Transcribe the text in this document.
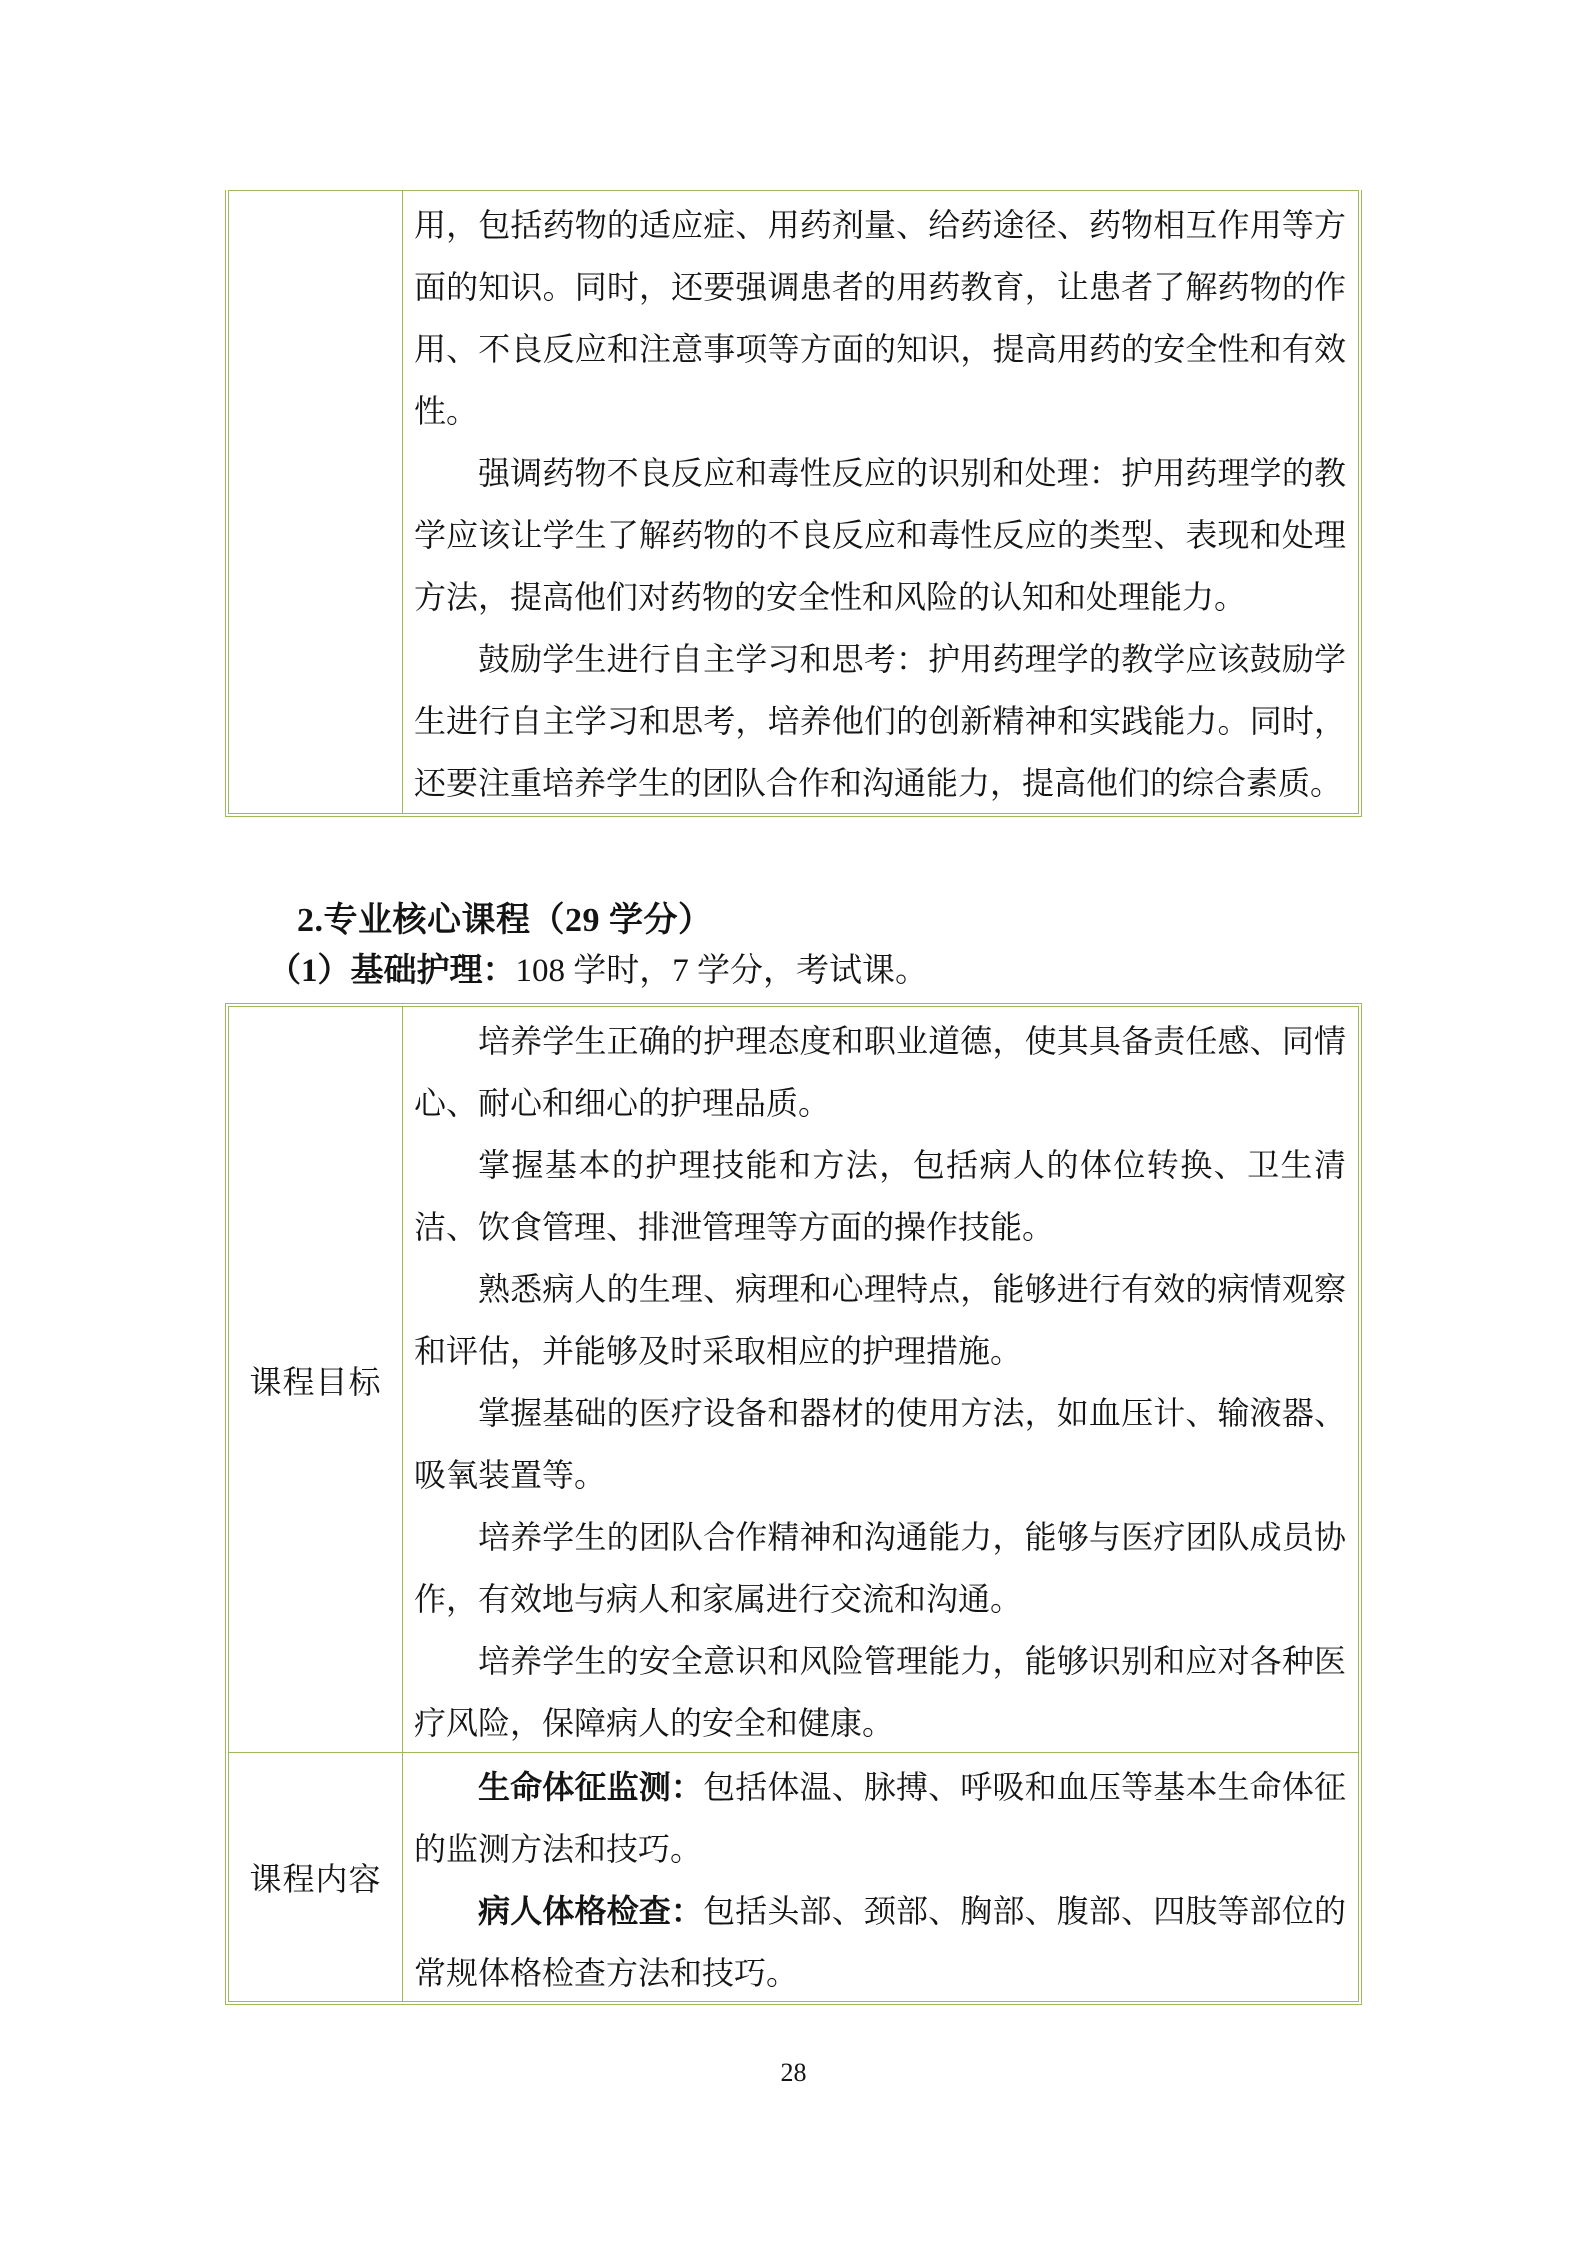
用，包括药物的适应症、用药剂量、给药途径、药物相互作用等方面的知识。同时，还要强调患者的用药教育，让患者了解药物的作用、不良反应和注意事项等方面的知识，提高用药的安全性和有效性。
强调药物不良反应和毒性反应的识别和处理：护用药理学的教学应该让学生了解药物的不良反应和毒性反应的类型、表现和处理方法，提高他们对药物的安全性和风险的认知和处理能力。
鼓励学生进行自主学习和思考：护用药理学的教学应该鼓励学生进行自主学习和思考，培养他们的创新精神和实践能力。同时，还要注重培养学生的团队合作和沟通能力，提高他们的综合素质。
2.专业核心课程（29 学分）
（1）基础护理：108 学时，7 学分，考试课。
课程目标
培养学生正确的护理态度和职业道德，使其具备责任感、同情心、耐心和细心的护理品质。
掌握基本的护理技能和方法，包括病人的体位转换、卫生清洁、饮食管理、排泄管理等方面的操作技能。
熟悉病人的生理、病理和心理特点，能够进行有效的病情观察和评估，并能够及时采取相应的护理措施。
掌握基础的医疗设备和器材的使用方法，如血压计、输液器、吸氧装置等。
培养学生的团队合作精神和沟通能力，能够与医疗团队成员协作，有效地与病人和家属进行交流和沟通。
培养学生的安全意识和风险管理能力，能够识别和应对各种医疗风险，保障病人的安全和健康。
课程内容
生命体征监测：包括体温、脉搏、呼吸和血压等基本生命体征的监测方法和技巧。
病人体格检查：包括头部、颈部、胸部、腹部、四肢等部位的常规体格检查方法和技巧。
28
